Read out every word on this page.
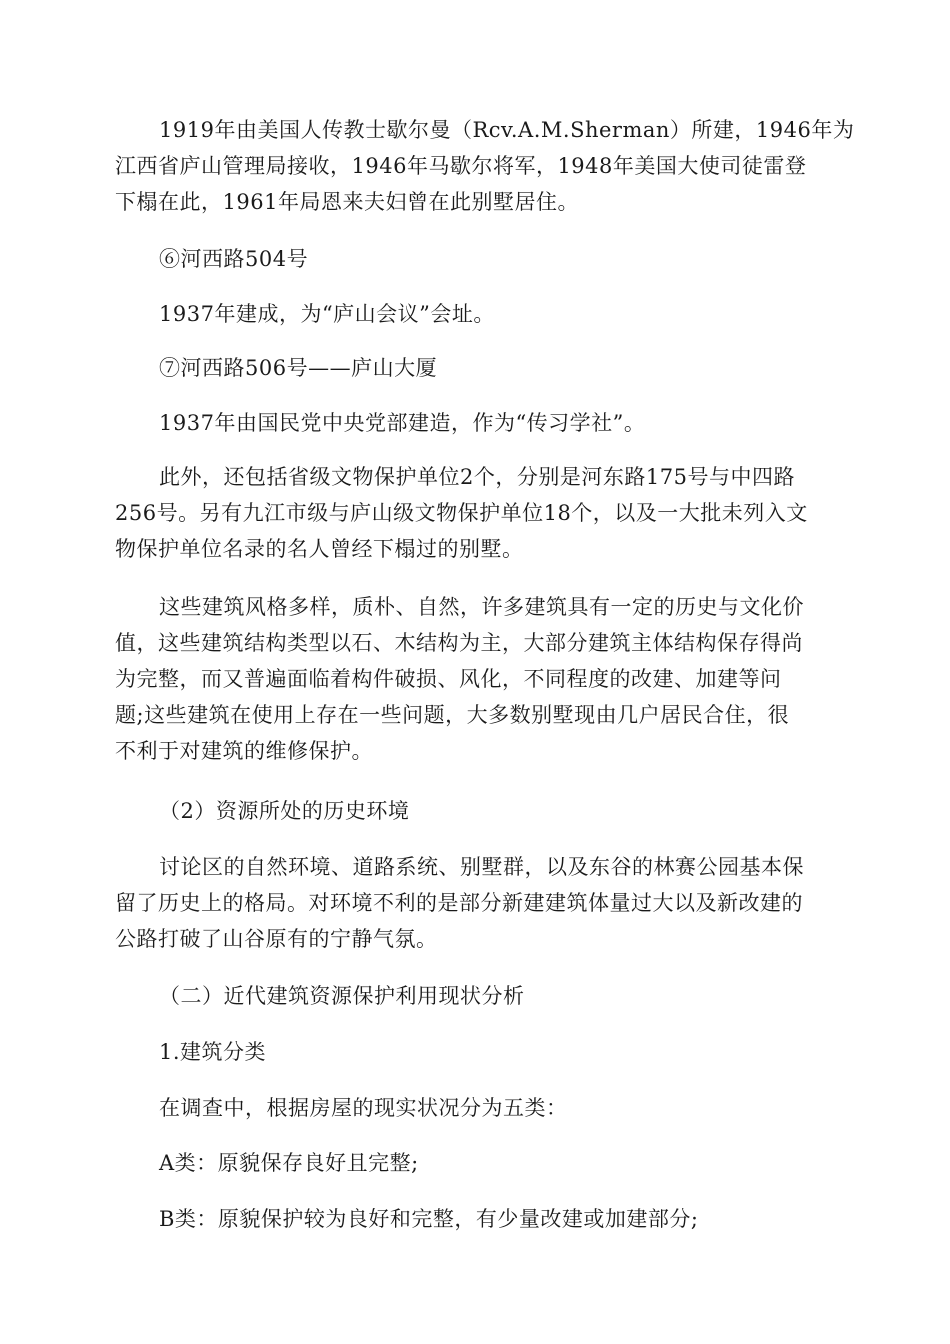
1919年由美国人传教士歇尔曼（Rcv.A.M.Sherman）所建，1946年为
江西省庐山管理局接收，1946年马歇尔将军，1948年美国大使司徒雷登
下榻在此，1961年局恩来夫妇曾在此别墅居住。

⑥河西路504号

1937年建成，为“庐山会议”会址。

⑦河西路506号——庐山大厦

1937年由国民党中央党部建造，作为“传习学社”。

此外，还包括省级文物保护单位2个，分别是河东路175号与中四路
256号。另有九江市级与庐山级文物保护单位18个，以及一大批未列入文
物保护单位名录的名人曾经下榻过的别墅。

这些建筑风格多样，质朴、自然，许多建筑具有一定的历史与文化价
值，这些建筑结构类型以石、木结构为主，大部分建筑主体结构保存得尚
为完整，而又普遍面临着构件破损、风化，不同程度的改建、加建等问
题;这些建筑在使用上存在一些问题，大多数别墅现由几户居民合住，很
不利于对建筑的维修保护。

（2）资源所处的历史环境

讨论区的自然环境、道路系统、别墅群，以及东谷的林赛公园基本保
留了历史上的格局。对环境不利的是部分新建建筑体量过大以及新改建的
公路打破了山谷原有的宁静气氛。

（二）近代建筑资源保护利用现状分析

1.建筑分类

在调查中，根据房屋的现实状况分为五类：

A类：原貌保存良好且完整;

B类：原貌保护较为良好和完整，有少量改建或加建部分;
